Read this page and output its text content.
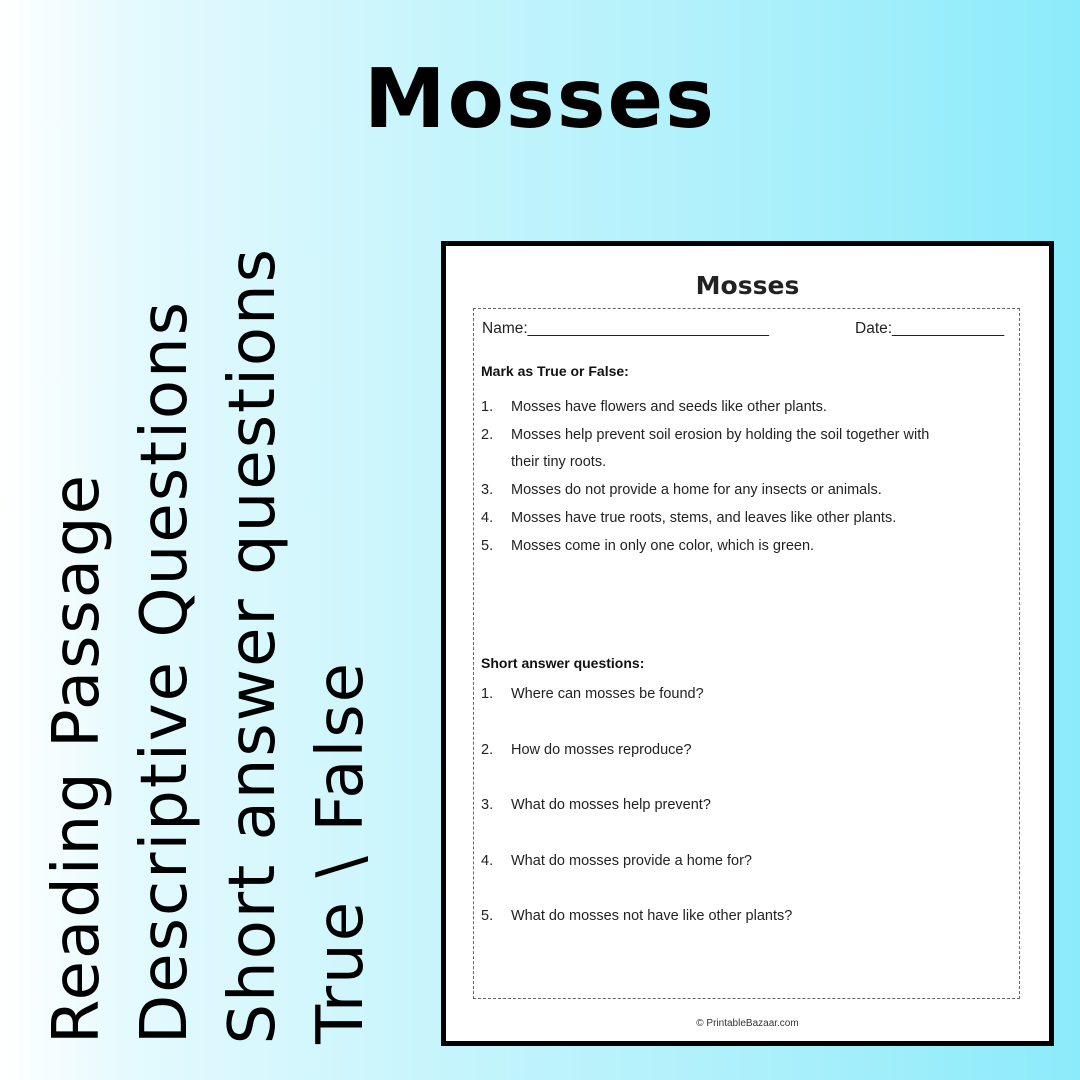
Mosses

Reading Passage Descriptive Questions Short answer questions True \ False

Mosses
Name:____________________________	Date:_____________
Mark as True or False:
1. Mosses have flowers and seeds like other plants.
2. Mosses help prevent soil erosion by holding the soil together with their tiny roots.
3. Mosses do not provide a home for any insects or animals.
4. Mosses have true roots, stems, and leaves like other plants.
5. Mosses come in only one color, which is green.
Short answer questions:
1. Where can mosses be found?
2. How do mosses reproduce?
3. What do mosses help prevent?
4. What do mosses provide a home for?
5. What do mosses not have like other plants?
© PrintableBazaar.com
